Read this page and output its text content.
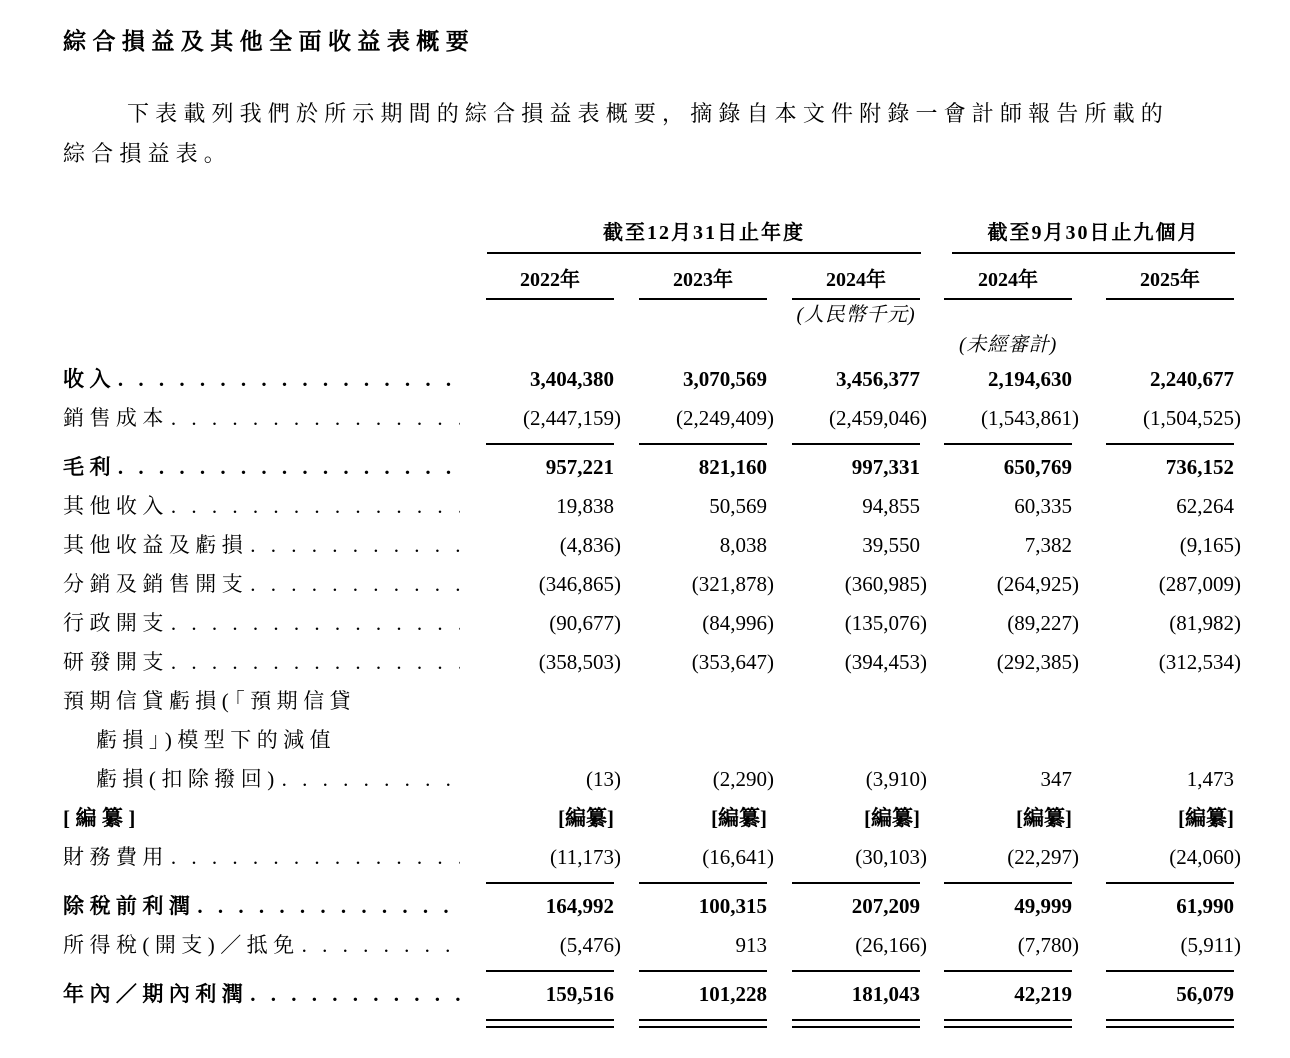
綜合損益及其他全面收益表概要

下表載列我們於所示期間的綜合損益表概要，摘錄自本文件附錄一會計師報告所載的
綜合損益表。

截至12月31日止年度	截至9月30日止九個月
2022年	2023年	2024年	2024年	2025年
(人民幣千元)
(未經審計)
收入 . . .	3,404,380	3,070,569	3,456,377	2,194,630	2,240,677
銷售成本 . . .	(2,447,159 )	(2,249,409 )	(2,459,046 )	(1,543,861 )	(1,504,525 )
毛利 . . .	957,221	821,160	997,331	650,769	736,152
其他收入 . . .	19,838	50,569	94,855	60,335	62,264
其他收益及虧損 . . .	(4,836 )	8,038	39,550	7,382	(9,165 )
分銷及銷售開支 . . .	(346,865 )	(321,878 )	(360,985 )	(264,925 )	(287,009 )
行政開支 . . .	(90,677 )	(84,996 )	(135,076 )	(89,227 )	(81,982 )
研發開支 . . .	(358,503 )	(353,647 )	(394,453 )	(292,385 )	(312,534 )
預期信貸虧損(「預期信貸
虧損」)模型下的減值
虧損(扣除撥回) . . .	(13 )	(2,290 )	(3,910 )	347	1,473
[編纂]	[編纂]	[編纂]	[編纂]	[編纂]	[編纂]
財務費用 . . .	(11,173 )	(16,641 )	(30,103 )	(22,297 )	(24,060 )
除稅前利潤 . . .	164,992	100,315	207,209	49,999	61,990
所得稅(開支)／抵免 . . .	(5,476 )	913	(26,166 )	(7,780 )	(5,911 )
年內／期內利潤 . . .	159,516	101,228	181,043	42,219	56,079
